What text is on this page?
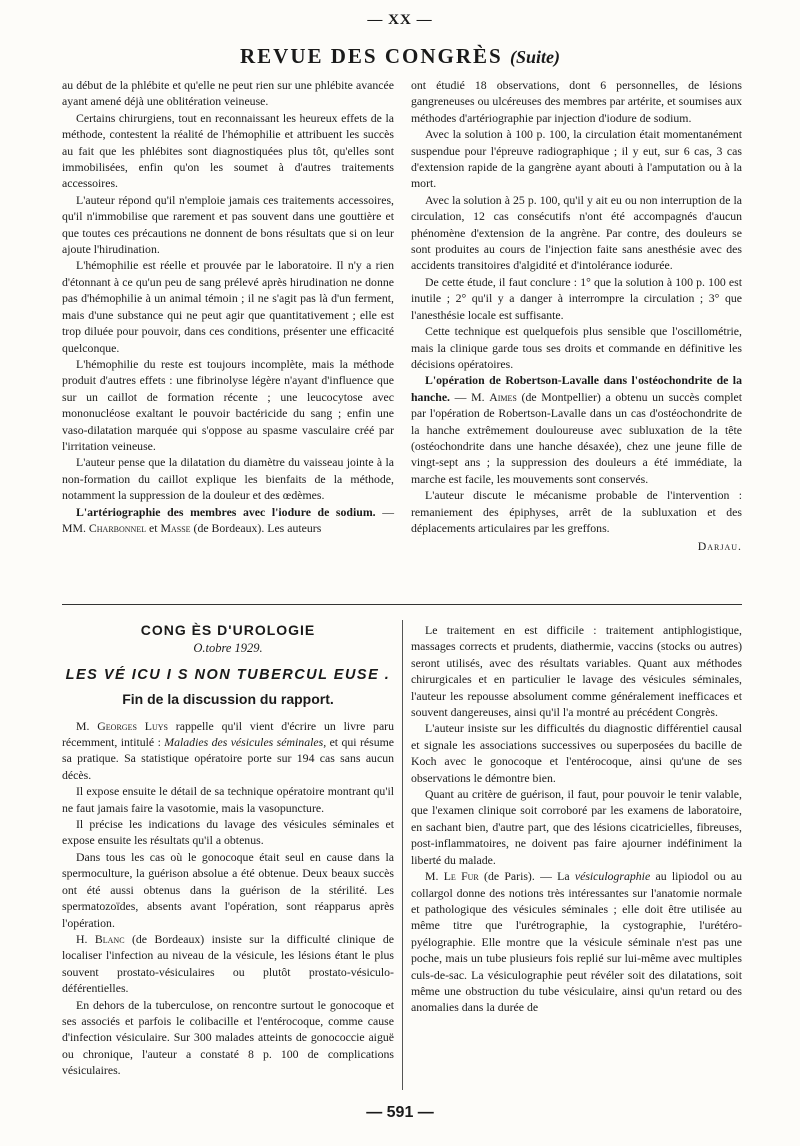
— XX —
REVUE DES CONGRÈS (Suite)

au début de la phlébite et qu'elle ne peut rien sur une phlébite avancée ayant amené déjà une oblitération veineuse.

Certains chirurgiens, tout en reconnaissant les heureux effets de la méthode, contestent la réalité de l'hémophilie et attribuent les succès au fait que les phlébites sont diagnostiquées plus tôt, qu'elles sont immobilisées, enfin qu'on les soumet à d'autres traitements accessoires.

L'auteur répond qu'il n'emploie jamais ces traitements accessoires, qu'il n'immobilise que rarement et pas souvent dans une gouttière et que toutes ces précautions ne donnent de bons résultats que si on leur ajoute l'hirudination.

L'hémophilie est réelle et prouvée par le laboratoire. Il n'y a rien d'étonnant à ce qu'un peu de sang prélevé après hirudination ne donne pas d'hémophilie à un animal témoin ; il ne s'agit pas là d'un ferment, mais d'une substance qui ne peut agir que quantitativement ; elle est trop diluée pour pouvoir, dans ces conditions, présenter une efficacité quelconque.

L'hémophilie du reste est toujours incomplète, mais la méthode produit d'autres effets : une fibrinolyse légère n'ayant d'influence que sur un caillot de formation récente ; une leucocytose avec mononucléose exaltant le pouvoir bactéricide du sang ; enfin une vaso-dilatation marquée qui s'oppose au spasme vasculaire créé par l'irritation veineuse.

L'auteur pense que la dilatation du diamètre du vaisseau jointe à la non-formation du caillot explique les bienfaits de la méthode, notamment la suppression de la douleur et des œdèmes.

L'artériographie des membres avec l'iodure de sodium. — MM. Charbonnel et Masse (de Bordeaux). Les auteurs

ont étudié 18 observations, dont 6 personnelles, de lésions gangreneuses ou ulcéreuses des membres par artérite, et soumises aux méthodes d'artériographie par injection d'iodure de sodium.

Avec la solution à 100 p. 100, la circulation était momentanément suspendue pour l'épreuve radiographique ; il y eut, sur 6 cas, 3 cas d'extension rapide de la gangrène ayant abouti à l'amputation ou à la mort.

Avec la solution à 25 p. 100, qu'il y ait eu ou non interruption de la circulation, 12 cas consécutifs n'ont été accompagnés d'aucun phénomène d'extension de la angrène. Par contre, des douleurs se sont produites au cours de l'injection faite sans anesthésie avec des accidents transitoires d'algidité et d'intolérance iodurée.

De cette étude, il faut conclure : 1° que la solution à 100 p. 100 est inutile ; 2° qu'il y a danger à interrompre la circulation ; 3° que l'anesthésie locale est suffisante.

Cette technique est quelquefois plus sensible que l'oscillométrie, mais la clinique garde tous ses droits et commande en définitive les décisions opératoires.

L'opération de Robertson-Lavalle dans l'ostéochondrite de la hanche. — M. Aimes (de Montpellier) a obtenu un succès complet par l'opération de Robertson-Lavalle dans un cas d'ostéochondrite de la hanche extrêmement douloureuse avec subluxation de la tête (ostéochondrite dans une hanche désaxée), chez une jeune fille de vingt-sept ans ; la suppression des douleurs a été immédiate, la marche est facile, les mouvements sont conservés.

L'auteur discute le mécanisme probable de l'intervention : remaniement des épiphyses, arrêt de la subluxation et des déplacements articulaires par les greffons.

Darjau.
CONG ÈS D'UROLOGIE
O.tobre 1929.
LES VÉ ICU I S NON TUBERCUL EUSE .
Fin de la discussion du rapport.

M. Georges Luys rappelle qu'il vient d'écrire un livre paru récemment, intitulé : Maladies des vésicules séminales, et qui résume sa pratique. Sa statistique opératoire porte sur 194 cas sans aucun décès.

Il expose ensuite le détail de sa technique opératoire montrant qu'il ne faut jamais faire la vasotomie, mais la vasopuncture.

Il précise les indications du lavage des vésicules séminales et expose ensuite les résultats qu'il a obtenus.

Dans tous les cas où le gonocoque était seul en cause dans la spermoculture, la guérison absolue a été obtenue. Deux beaux succès ont été aussi obtenus dans la guérison de la stérilité. Les spermatozoïdes, absents avant l'opération, sont réapparus après l'opération.

H. Blanc (de Bordeaux) insiste sur la difficulté clinique de localiser l'infection au niveau de la vésicule, les lésions étant le plus souvent prostato-vésiculaires ou plutôt prostato-vésiculo-déférentielles.

En dehors de la tuberculose, on rencontre surtout le gonocoque et ses associés et parfois le colibacille et l'entérocoque, comme cause d'infection vésiculaire. Sur 300 malades atteints de gonococcie aiguë ou chronique, l'auteur a constaté 8 p. 100 de complications vésiculaires.

Le traitement en est difficile : traitement antiphlogistique, massages corrects et prudents, diathermie, vaccins (stocks ou autres) seront utilisés, avec des résultats variables. Quant aux méthodes chirurgicales et en particulier le lavage des vésicules séminales, l'auteur les repousse absolument comme généralement inefficaces et souvent dangereuses, ainsi qu'il l'a montré au précédent Congrès.

L'auteur insiste sur les difficultés du diagnostic différentiel causal et signale les associations successives ou superposées du bacille de Koch avec le gonocoque et l'entérocoque, ainsi qu'une de ses observations le démontre bien.

Quant au critère de guérison, il faut, pour pouvoir le tenir valable, que l'examen clinique soit corroboré par les examens de laboratoire, en sachant bien, d'autre part, que des lésions cicatricielles, fibreuses, post-inflammatoires, ne doivent pas faire ajourner indéfiniment la liberté du malade.

M. Le Fur (de Paris). — La vésiculographie au lipiodol ou au collargol donne des notions très intéressantes sur l'anatomie normale et pathologique des vésicules séminales ; elle doit être utilisée au même titre que l'urétrographie, la cystographie, l'urétéro-pyélographie. Elle montre que la vésicule séminale n'est pas une poche, mais un tube plusieurs fois replié sur lui-même avec multiples culs-de-sac. La vésiculographie peut révéler soit des dilatations, soit même une obstruction du tube vésiculaire, ainsi qu'un retard ou des anomalies dans la durée de

— 591 —
